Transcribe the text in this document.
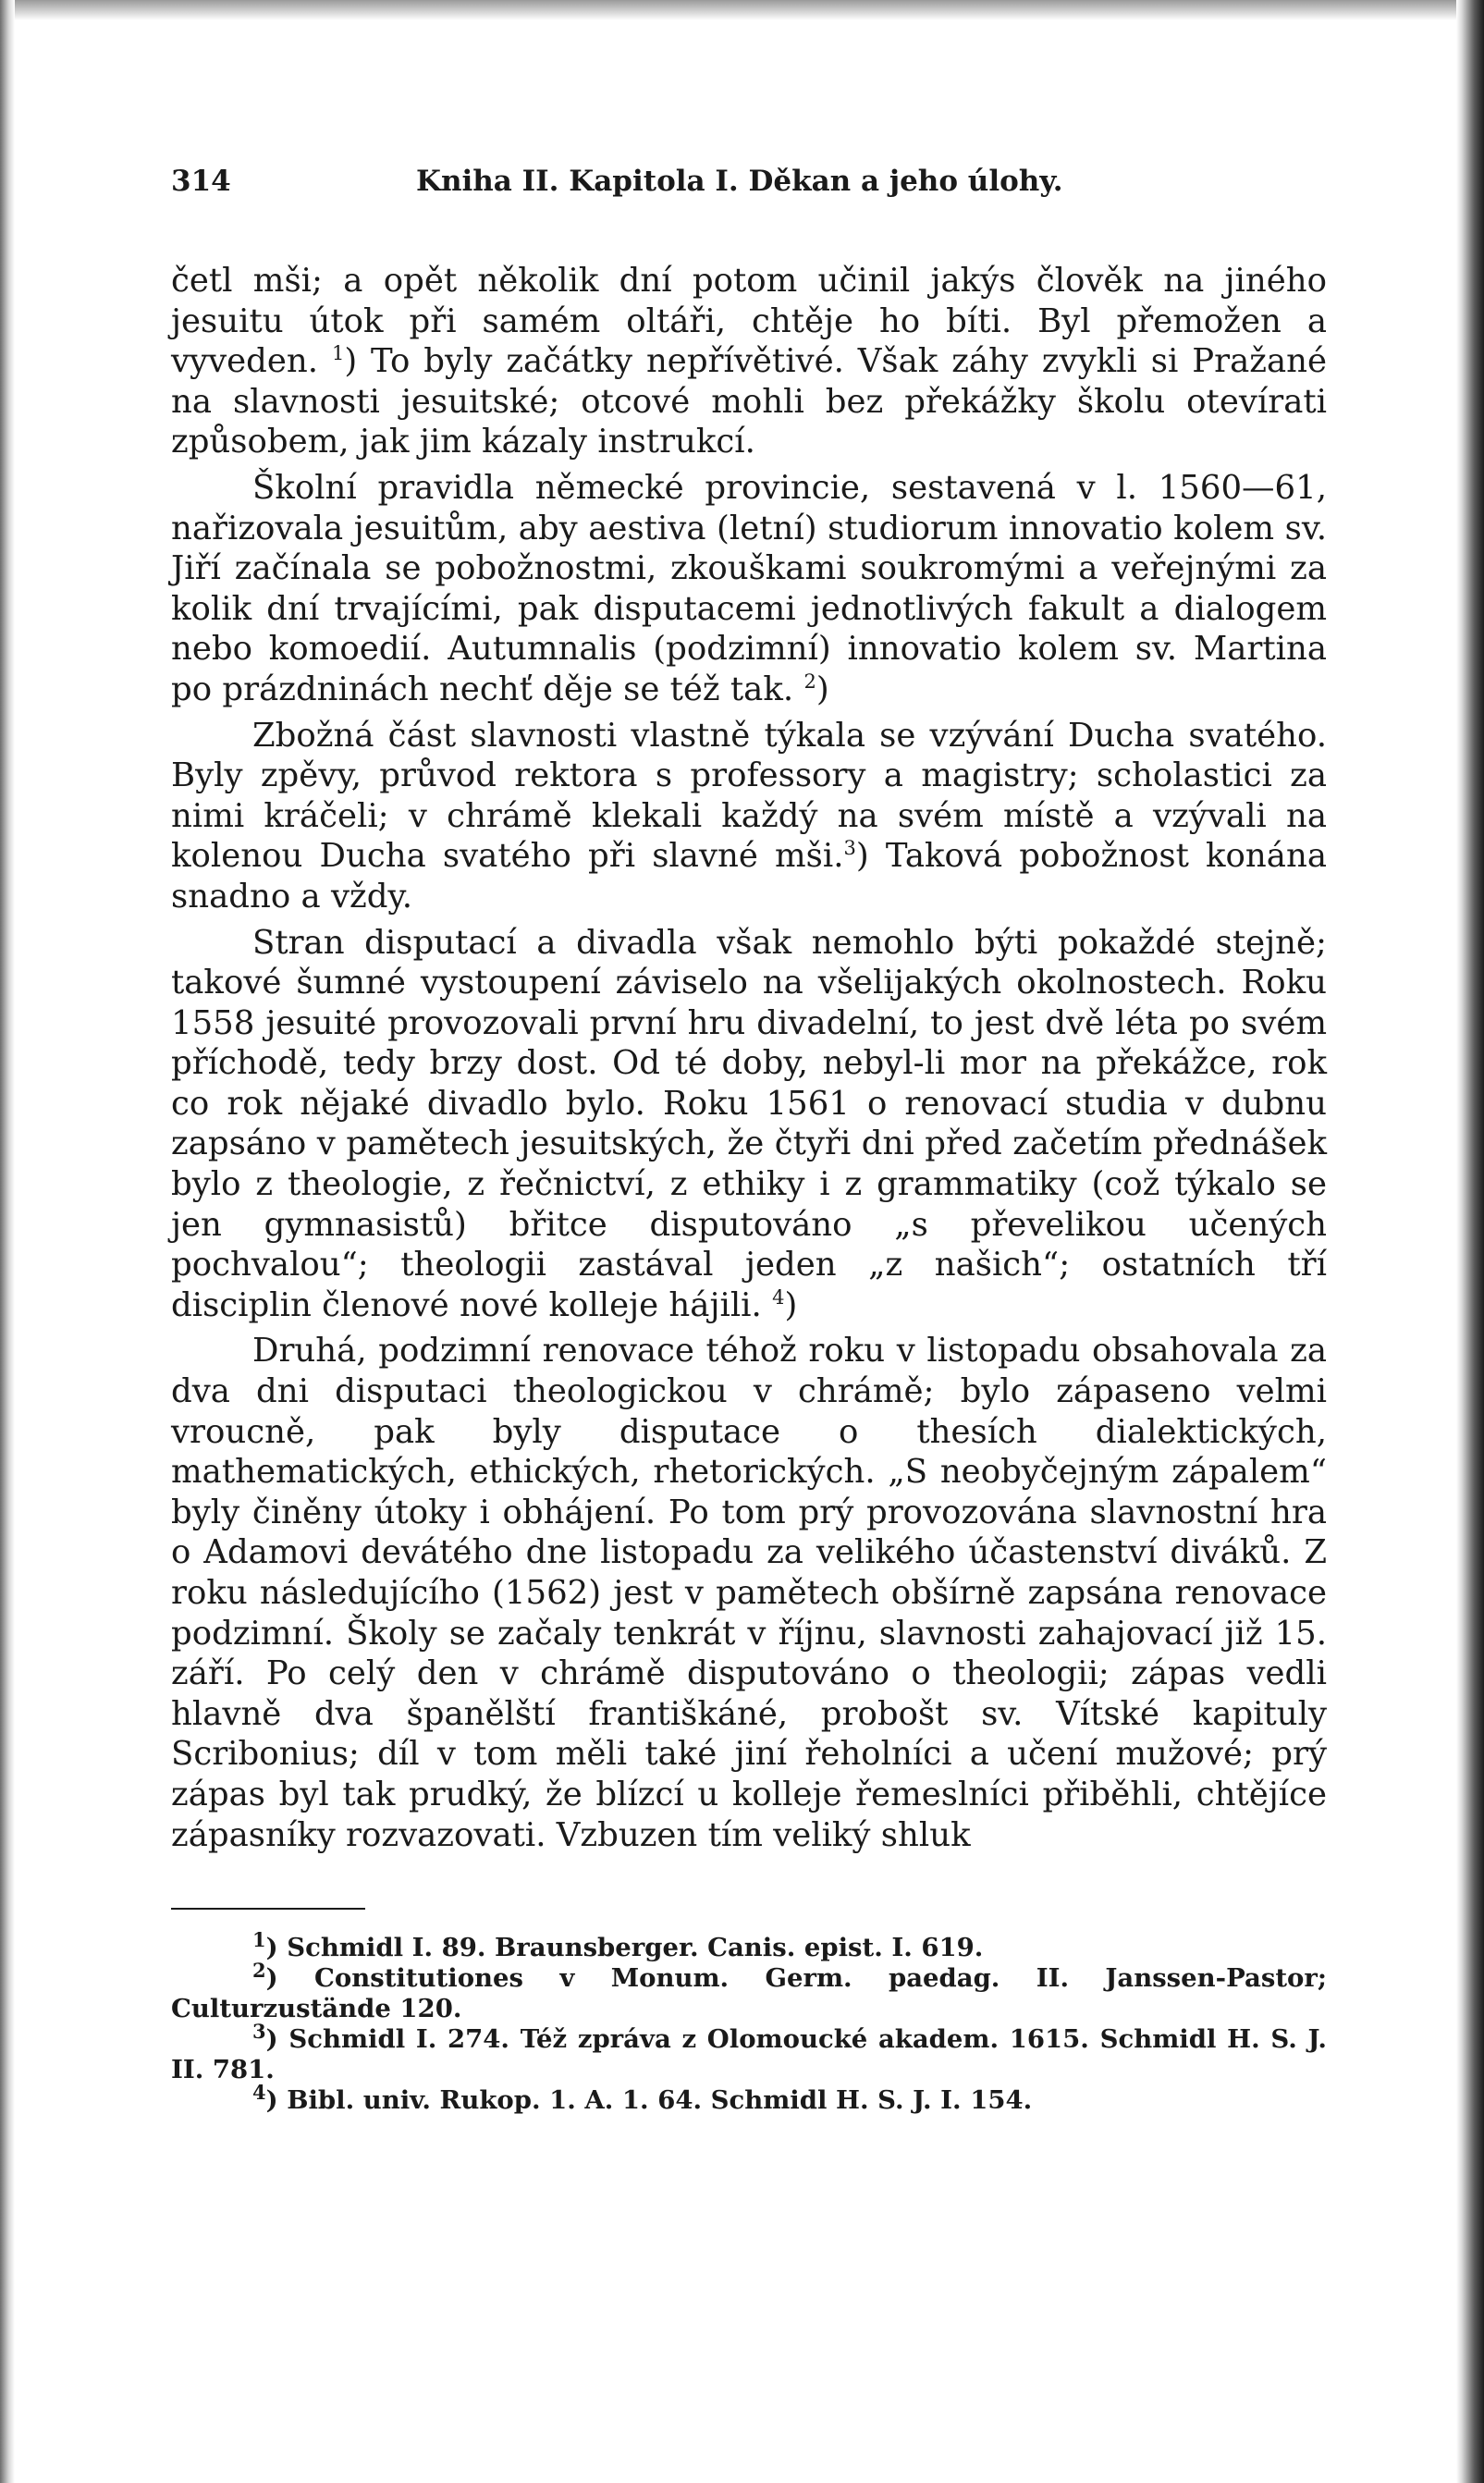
314	Kniha II. Kapitola I. Děkan a jeho úlohy.

četl mši; a opět několik dní potom učinil jakýs člověk na jiného jesuitu útok při samém oltáři, chtěje ho bíti. Byl přemožen a vyveden. $^1$) To byly začátky nepřívětivé. Však záhy zvykli si Pražané na slavnosti jesuitské; otcové mohli bez překážky školu otevírati způsobem, jak jim kázaly instrukcí.

Školní pravidla německé provincie, sestavená v l. 1560—61, nařizovala jesuitům, aby aestiva (letní) studiorum innovatio kolem sv. Jiří začínala se pobožnostmi, zkouškami soukromými a veřejnými za kolik dní trvajícími, pak disputacemi jednotlivých fakult a dialogem nebo komoedií. Autumnalis (podzimní) innovatio kolem sv. Martina po prázdninách nechť děje se též tak. $^2$)

Zbožná část slavnosti vlastně týkala se vzývání Ducha svatého. Byly zpěvy, průvod rektora s professory a magistry; scholastici za nimi kráčeli; v chrámě klekali každý na svém místě a vzývali na kolenou Ducha svatého při slavné mši.$^3$) Taková pobožnost konána snadno a vždy.

Stran disputací a divadla však nemohlo býti pokaždé stejně; takové šumné vystoupení záviselo na všelijakých okolnostech. Roku 1558 jesuité provozovali první hru divadelní, to jest dvě léta po svém příchodě, tedy brzy dost. Od té doby, nebyl-li mor na překážce, rok co rok nějaké divadlo bylo. Roku 1561 o renovací studia v dubnu zapsáno v pamětech jesuitských, že čtyři dni před začetím přednášek bylo z theologie, z řečnictví, z ethiky i z grammatiky (což týkalo se jen gymnasistů) břitce disputováno „s převelikou učených pochvalou“; theologii zastával jeden „z našich“; ostatních tří disciplin členové nové kolleje hájili. $^4$)

Druhá, podzimní renovace téhož roku v listopadu obsahovala za dva dni disputaci theologickou v chrámě; bylo zápaseno velmi vroucně, pak byly disputace o thesích dialektických, mathematických, ethických, rhetorických. „S neobyčejným zápalem“ byly činěny útoky i obhájení. Po tom prý provozována slavnostní hra o Adamovi devátého dne listopadu za velikého účastenství diváků. Z roku následujícího (1562) jest v pamětech obšírně zapsána renovace podzimní. Školy se začaly tenkrát v říjnu, slavnosti zahajovací již 15. září. Po celý den v chrámě disputováno o theologii; zápas vedli hlavně dva španělští františkáné, probošt sv. Vítské kapituly Scribonius; díl v tom měli také jiní řeholníci a učení mužové; prý zápas byl tak prudký, že blízcí u kolleje řemeslníci přiběhli, chtějíce zápasníky rozvazovati. Vzbuzen tím veliký shluk

$^1$) Schmidl I. 89. Braunsberger. Canis. epist. I. 619.

$^2$) Constitutiones v Monum. Germ. paedag. II. Janssen-Pastor; Culturzustände 120.

$^3$) Schmidl I. 274. Též zpráva z Olomoucké akadem. 1615. Schmidl H. S. J. II. 781.

$^4$) Bibl. univ. Rukop. 1. A. 1. 64. Schmidl H. S. J. I. 154.
